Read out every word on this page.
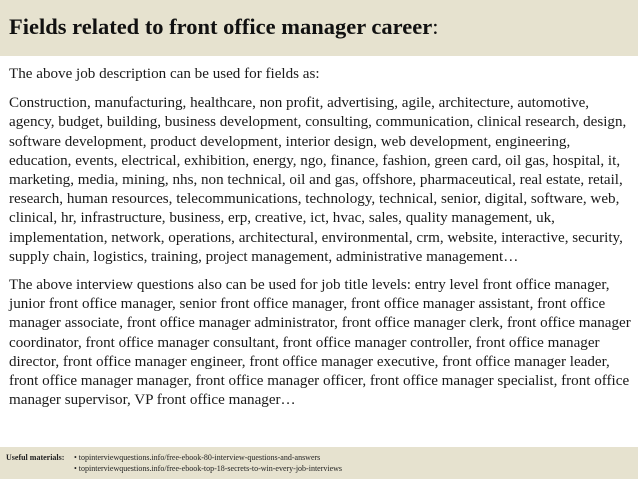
Fields related to front office manager career:

The above job description can be used for fields as:

Construction, manufacturing, healthcare, non profit, advertising, agile, architecture, automotive, agency, budget, building, business development, consulting, communication, clinical research, design, software development, product development, interior design, web development, engineering, education, events, electrical, exhibition, energy, ngo, finance, fashion, green card, oil gas, hospital, it, marketing, media, mining, nhs, non technical, oil and gas, offshore, pharmaceutical, real estate, retail, research, human resources, telecommunications, technology, technical, senior, digital, software, web, clinical, hr, infrastructure, business, erp, creative, ict, hvac, sales, quality management, uk, implementation, network, operations, architectural, environmental, crm, website, interactive, security, supply chain, logistics, training, project management, administrative management…

The above interview questions also can be used for job title levels: entry level front office manager, junior front office manager, senior front office manager, front office manager assistant, front office manager associate, front office manager administrator, front office manager clerk, front office manager coordinator, front office manager consultant, front office manager controller, front office manager director, front office manager engineer, front office manager executive, front office manager leader, front office manager manager, front office manager officer, front office manager specialist, front office manager supervisor, VP front office manager…

Useful materials: • topinterviewquestions.info/free-ebook-80-interview-questions-and-answers
• topinterviewquestions.info/free-ebook-top-18-secrets-to-win-every-job-interviews
